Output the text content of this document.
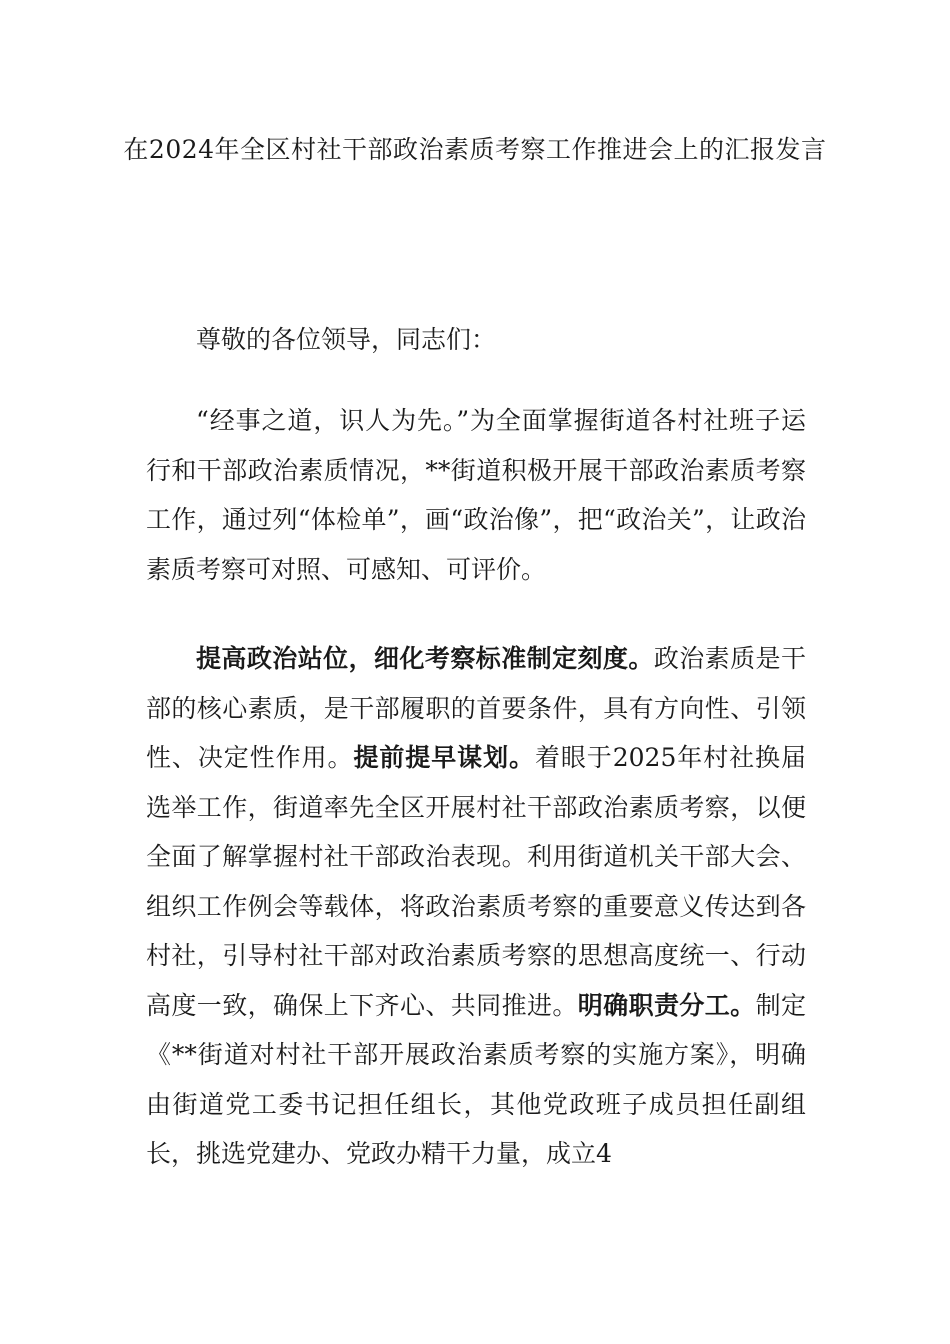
在2024年全区村社干部政治素质考察工作推进会上的汇报发言

尊敬的各位领导，同志们：

“经事之道，识人为先。”为全面掌握街道各村社班子运行和干部政治素质情况，**街道积极开展干部政治素质考察工作，通过列“体检单”，画“政治像”，把“政治关”，让政治素质考察可对照、可感知、可评价。

提高政治站位，细化考察标准制定刻度。政治素质是干部的核心素质，是干部履职的首要条件，具有方向性、引领性、决定性作用。提前提早谋划。着眼于2025年村社换届选举工作，街道率先全区开展村社干部政治素质考察，以便全面了解掌握村社干部政治表现。利用街道机关干部大会、组织工作例会等载体，将政治素质考察的重要意义传达到各村社，引导村社干部对政治素质考察的思想高度统一、行动高度一致，确保上下齐心、共同推进。明确职责分工。制定《**街道对村社干部开展政治素质考察的实施方案》，明确由街道党工委书记担任组长，其他党政班子成员担任副组长，挑选党建办、党政办精干力量，成立4
